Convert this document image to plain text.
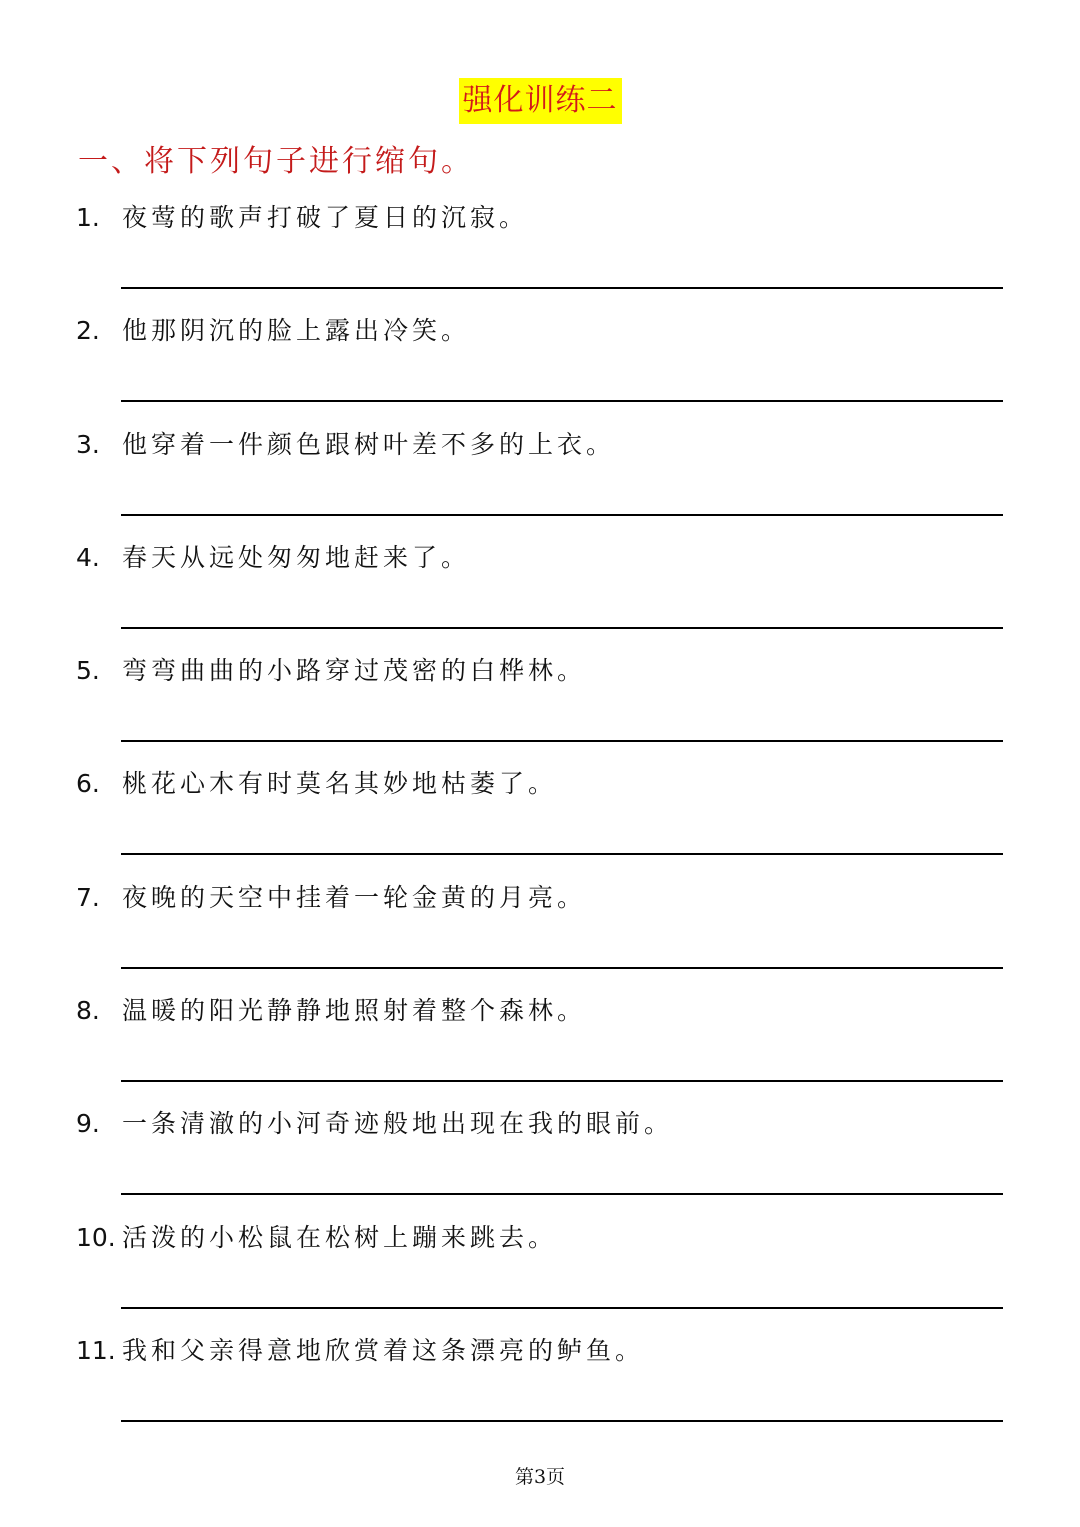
强化训练二
一、将下列句子进行缩句。
1. 夜莺的歌声打破了夏日的沉寂。
2. 他那阴沉的脸上露出冷笑。
3. 他穿着一件颜色跟树叶差不多的上衣。
4. 春天从远处匆匆地赶来了。
5. 弯弯曲曲的小路穿过茂密的白桦林。
6. 桃花心木有时莫名其妙地枯萎了。
7. 夜晚的天空中挂着一轮金黄的月亮。
8. 温暖的阳光静静地照射着整个森林。
9. 一条清澈的小河奇迹般地出现在我的眼前。
10. 活泼的小松鼠在松树上蹦来跳去。
11. 我和父亲得意地欣赏着这条漂亮的鲈鱼。
第3页
